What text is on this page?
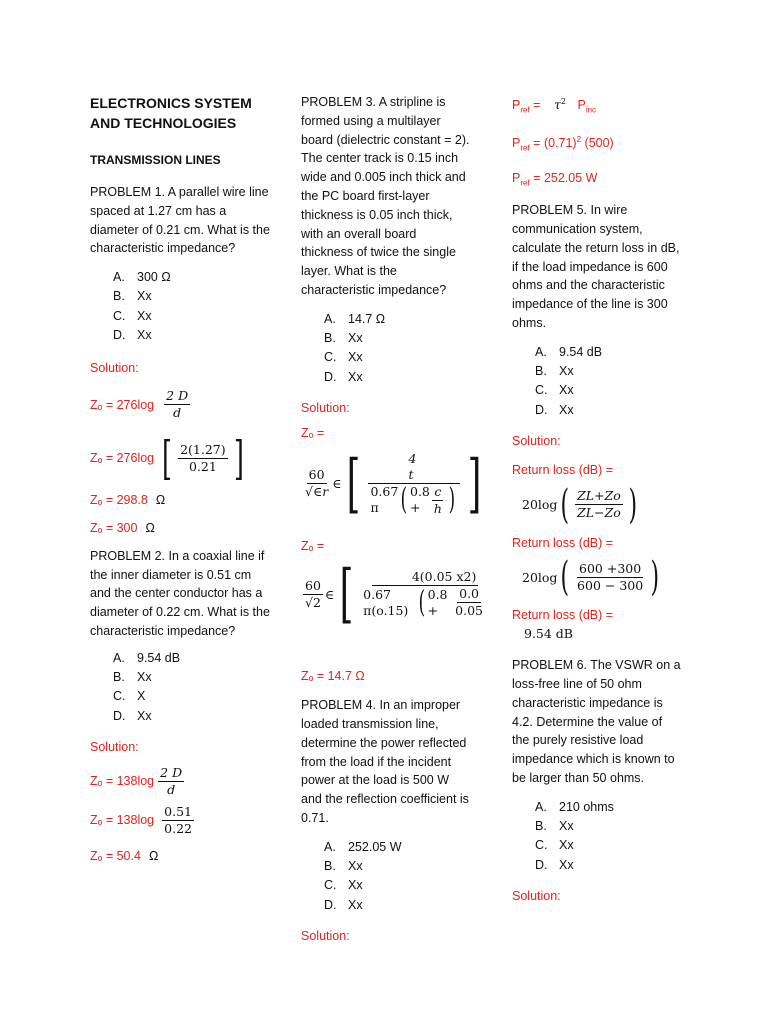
ELECTRONICS SYSTEM
AND TECHNOLOGIES
TRANSMISSION LINES

PROBLEM 1. A parallel wire line spaced at 1.27 cm has a diameter of 0.21 cm. What is the characteristic impedance?

A. 300 Ω
B. Xx
C. Xx
D. Xx

Solution:

$Z_o = 276\log \frac{2 D}{d}$
Zₒ = 276log [ $\frac{2(1.27)}{0.21}$ ]

Zₒ = 298.8 Ω

Zₒ = 300 Ω

PROBLEM 2. In a coaxial line if the inner diameter is 0.51 cm and the center conductor has a diameter of 0.22 cm. What is the characteristic impedance?

A. 9.54 dB
B. Xx
C. X
D. Xx

Solution:

$Z_o = 138\log \frac{2 D}{d}$
$Z_o = 138\log \frac{0.51}{0.22}$

Zₒ = 50.4 Ω

PROBLEM 3. A stripline is formed using a multilayer board (dielectric constant = 2). The center track is 0.15 inch wide and 0.005 inch thick and the PC board first-layer thickness is 0.05 inch thick, with an overall board thickness of twice the single layer. What is the characteristic impedance?

A. 14.7 Ω
B. Xx
C. Xx
D. Xx

Solution:

Zₒ =

$\frac{60}{√\in r}$ ∈ [	4 t
0.67 π ( $0.8 + \frac{c}{h}$ ) ]

Zₒ =

$\frac{60}{√2}$ ∈ [	4(0.05 x2)
0.67 π(o.15) ( 0.8 +	$\frac{0.0}{0.05}$

Zₒ = 14.7 Ω

PROBLEM 4. In an improper loaded transmission line, determine the power reflected from the load if the incident power at the load is 500 W and the reflection coefficient is 0.71.

A. 252.05 W
B. Xx
C. Xx
D. Xx

Solution:

$P_{ref} = \tau^2$ $P_{inc}$

$P_{ref} = (0.71)^2$ (500)

$P_{ref} = 252.05$ W

PROBLEM 5. In wire communication system, calculate the return loss in dB, if the load impedance is 600 ohms and the characteristic impedance of the line is 300 ohms.

A. 9.54 dB
B. Xx
C. Xx
D. Xx

Solution:

Return loss (dB) =

20log ( $\frac{ZL+Zo}{ZL-Zo}$ )

Return loss (dB) =

20log ( $\frac{600 +300}{600 - 300}$ )

Return loss (dB) =

9.54 dB

PROBLEM 6. The VSWR on a loss-free line of 50 ohm characteristic impedance is 4.2. Determine the value of the purely resistive load impedance which is known to be larger than 50 ohms.

A. 210 ohms
B. Xx
C. Xx
D. Xx

Solution:
